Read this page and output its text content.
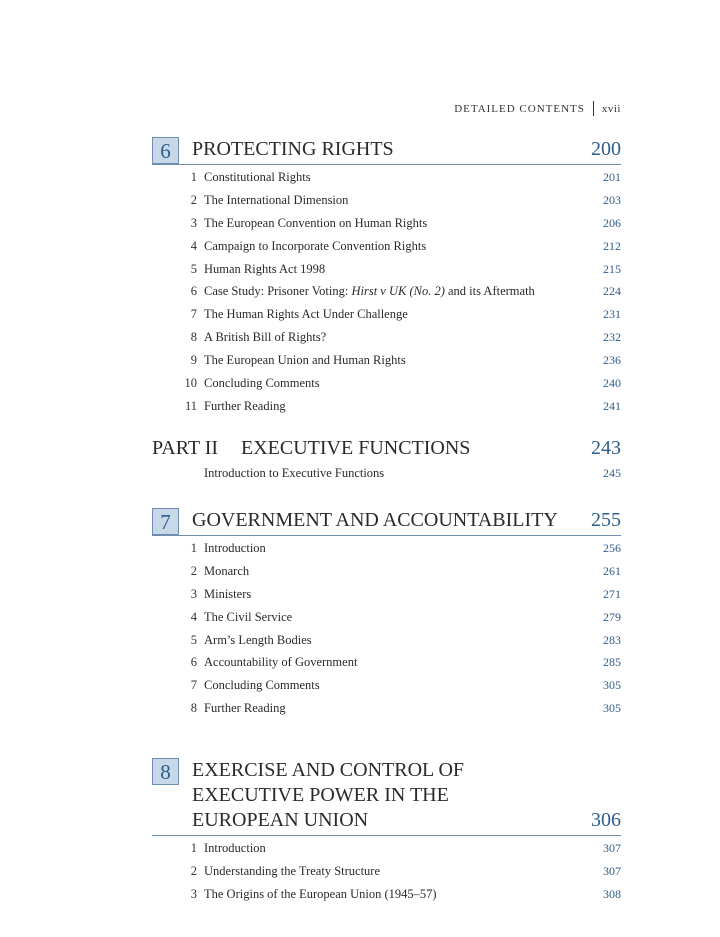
DETAILED CONTENTS xvii
6	PROTECTING RIGHTS	200
1 Constitutional Rights	201
2 The International Dimension	203
3 The European Convention on Human Rights	206
4 Campaign to Incorporate Convention Rights	212
5 Human Rights Act 1998	215
6 Case Study: Prisoner Voting: Hirst v UK (No. 2) and its Aftermath	224
7 The Human Rights Act Under Challenge	231
8 A British Bill of Rights?	232
9 The European Union and Human Rights	236
10 Concluding Comments	240
11 Further Reading	241
PART II EXECUTIVE FUNCTIONS	243
Introduction to Executive Functions	245
7	GOVERNMENT AND ACCOUNTABILITY	255
1 Introduction	256
2 Monarch	261
3 Ministers	271
4 The Civil Service	279
5 Arm’s Length Bodies	283
6 Accountability of Government	285
7 Concluding Comments	305
8 Further Reading	305
8	EXERCISE AND CONTROL OF
EXECUTIVE POWER IN THE
EUROPEAN UNION	306
1 Introduction	307
2 Understanding the Treaty Structure	307
3 The Origins of the European Union (1945–57)	308
